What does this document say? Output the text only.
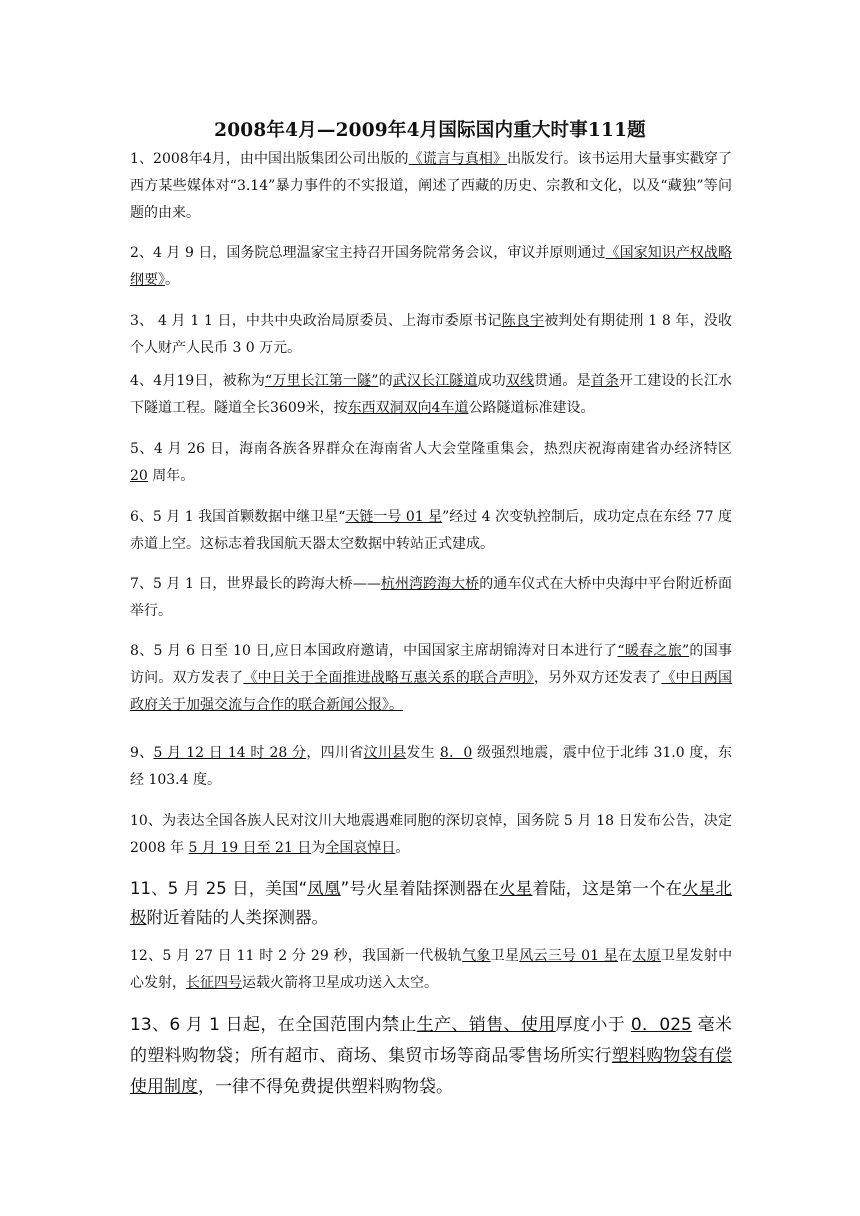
2008年4月—2009年4月国际国内重大时事111题
1、2008年4月，由中国出版集团公司出版的《谎言与真相》出版发行。该书运用大量事实戳穿了西方某些媒体对“3.14”暴力事件的不实报道，阐述了西藏的历史、宗教和文化，以及“藏独”等问题的由来。
2、4 月 9 日，国务院总理温家宝主持召开国务院常务会议，审议并原则通过《国家知识产权战略纲要》。
3、 4 月 1 1 日，中共中央政治局原委员、上海市委原书记陈良宇被判处有期徒刑 1 8 年，没收个人财产人民币 3 0 万元。
4、4月19日，被称为“万里长江第一隧”的武汉长江隧道成功双线贯通。是首条开工建设的长江水下隧道工程。隧道全长3609米，按东西双洞双向4车道公路隧道标准建设。
5、4 月 26 日，海南各族各界群众在海南省人大会堂隆重集会，热烈庆祝海南建省办经济特区 20 周年。
6、5 月 1 我国首颗数据中继卫星“天链一号 01 星”经过 4 次变轨控制后，成功定点在东经 77 度赤道上空。这标志着我国航天器太空数据中转站正式建成。
7、5 月 1 日，世界最长的跨海大桥——杭州湾跨海大桥的通车仪式在大桥中央海中平台附近桥面举行。
8、5 月 6 日至 10 日,应日本国政府邀请，中国国家主席胡锦涛对日本进行了“暖春之旅”的国事访问。双方发表了《中日关于全面推进战略互惠关系的联合声明》，另外双方还发表了《中日两国政府关于加强交流与合作的联合新闻公报》。
9、5 月 12 日 14 时 28 分，四川省汶川县发生 8．0 级强烈地震，震中位于北纬 31.0 度，东经 103.4 度。
10、为表达全国各族人民对汶川大地震遇难同胞的深切哀悼，国务院 5 月 18 日发布公告，决定 2008 年 5 月 19 日至 21 日为全国哀悼日。
11、5 月 25 日，美国“凤凰”号火星着陆探测器在火星着陆，这是第一个在火星北极附近着陆的人类探测器。
12、5 月 27 日 11 时 2 分 29 秒，我国新一代极轨气象卫星风云三号 01 星在太原卫星发射中心发射，长征四号运载火箭将卫星成功送入太空。
13、6 月 1 日起，在全国范围内禁止生产、销售、使用厚度小于 0．025 毫米的塑料购物袋；所有超市、商场、集贸市场等商品零售场所实行塑料购物袋有偿使用制度，一律不得免费提供塑料购物袋。
